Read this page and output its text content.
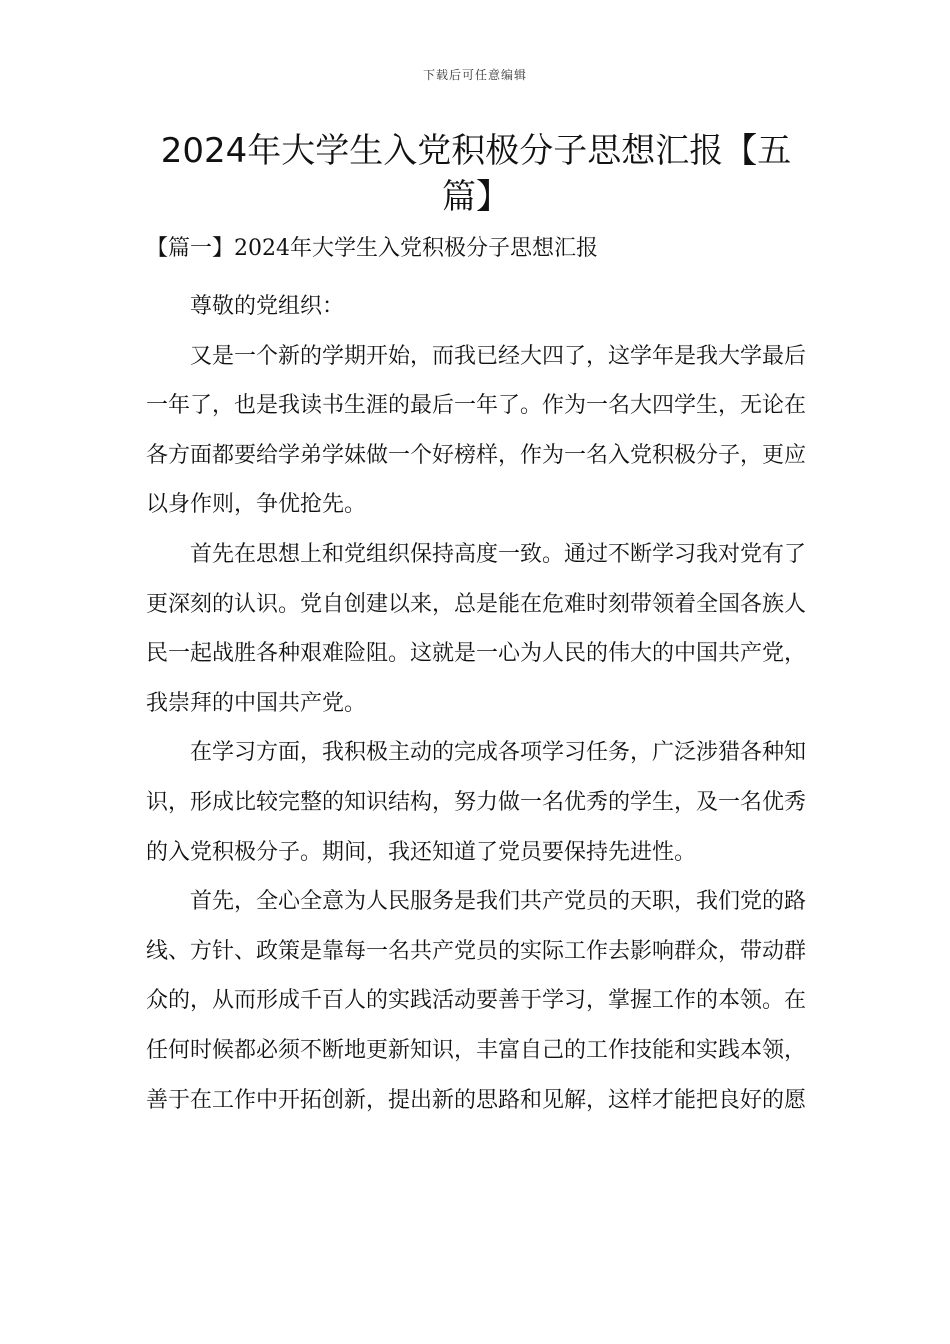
下载后可任意编辑
2024年大学生入党积极分子思想汇报【五篇】
【篇一】2024年大学生入党积极分子思想汇报

尊敬的党组织：

又是一个新的学期开始，而我已经大四了，这学年是我大学最后一年了，也是我读书生涯的最后一年了。作为一名大四学生，无论在各方面都要给学弟学妹做一个好榜样，作为一名入党积极分子，更应以身作则，争优抢先。

首先在思想上和党组织保持高度一致。通过不断学习我对党有了更深刻的认识。党自创建以来，总是能在危难时刻带领着全国各族人民一起战胜各种艰难险阻。这就是一心为人民的伟大的中国共产党，我崇拜的中国共产党。

在学习方面，我积极主动的完成各项学习任务，广泛涉猎各种知识，形成比较完整的知识结构，努力做一名优秀的学生，及一名优秀的入党积极分子。期间，我还知道了党员要保持先进性。

首先，全心全意为人民服务是我们共产党员的天职，我们党的路线、方针、政策是靠每一名共产党员的实际工作去影响群众，带动群众的，从而形成千百人的实践活动要善于学习，掌握工作的本领。在任何时候都必须不断地更新知识，丰富自己的工作技能和实践本领，善于在工作中开拓创新，提出新的思路和见解，这样才能把良好的愿
